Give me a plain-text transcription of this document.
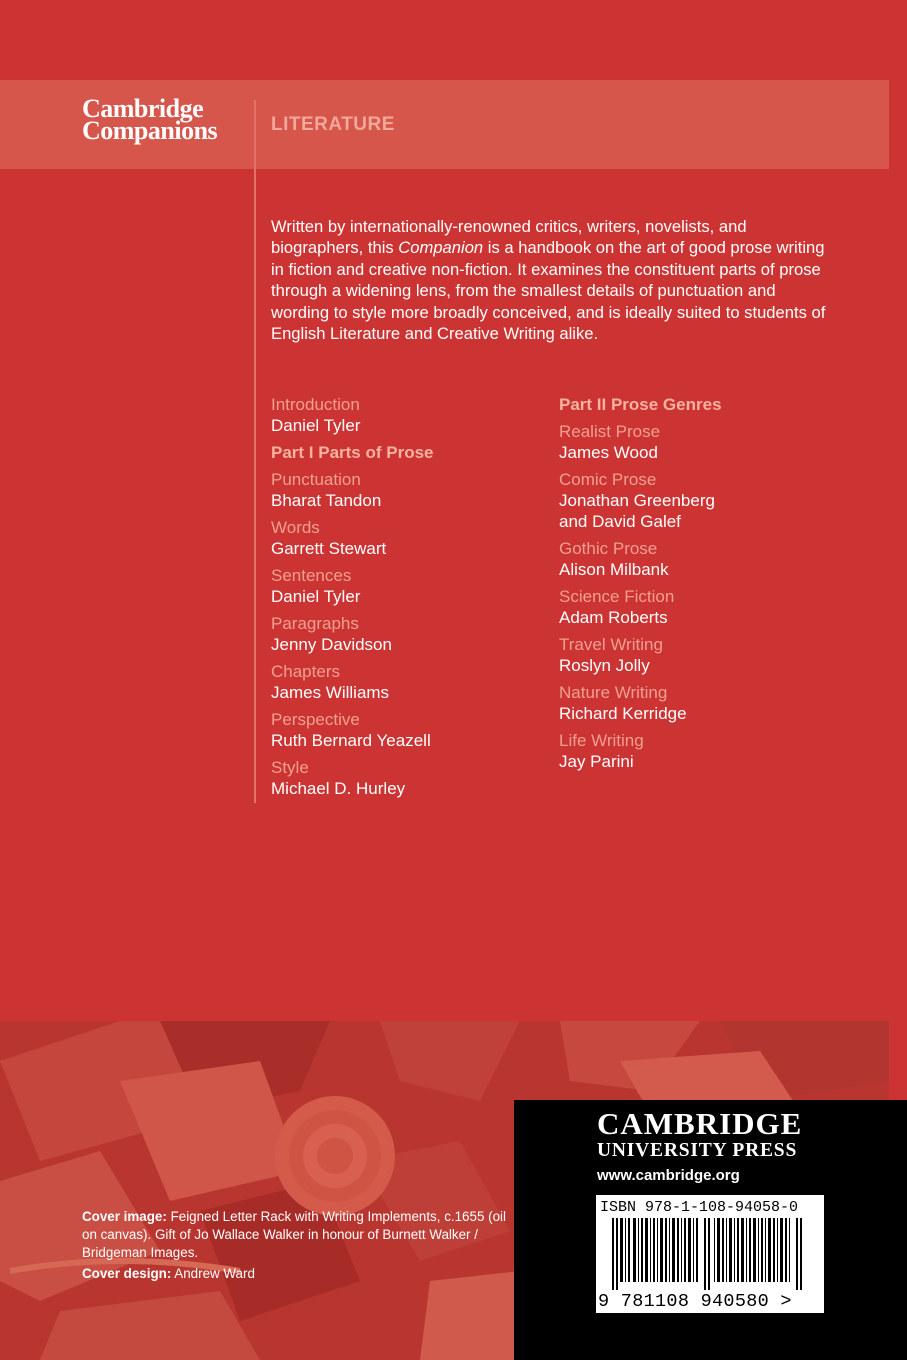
Cambridge
Companions	LITERATURE
Written by internationally-renowned critics, writers, novelists, and biographers, this Companion is a handbook on the art of good prose writing in fiction and creative non-fiction. It examines the constituent parts of prose through a widening lens, from the smallest details of punctuation and wording to style more broadly conceived, and is ideally suited to students of English Literature and Creative Writing alike.
Introduction
Daniel Tyler
Part I Parts of Prose
Punctuation
Bharat Tandon
Words
Garrett Stewart
Sentences
Daniel Tyler
Paragraphs
Jenny Davidson
Chapters
James Williams
Perspective
Ruth Bernard Yeazell
Style
Michael D. Hurley
Part II Prose Genres
Realist Prose
James Wood
Comic Prose
Jonathan Greenberg
and David Galef
Gothic Prose
Alison Milbank
Science Fiction
Adam Roberts
Travel Writing
Roslyn Jolly
Nature Writing
Richard Kerridge
Life Writing
Jay Parini
Cover image: Feigned Letter Rack with Writing Implements, c.1655 (oil on canvas). Gift of Jo Wallace Walker in honour of Burnett Walker / Bridgeman Images.
Cover design: Andrew Ward
CAMBRIDGE
UNIVERSITY PRESS
www.cambridge.org
ISBN 978-1-108-94058-0
9 781108 940580 >
